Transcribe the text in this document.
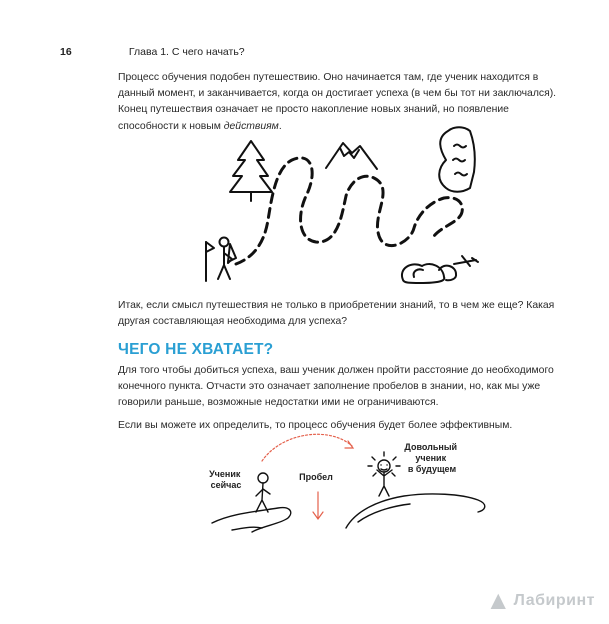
16	Глава 1. С чего начать?
Процесс обучения подобен путешествию. Оно начинается там, где ученик находится в данный момент, и заканчивается, когда он достигает успеха (в чем бы тот ни заключался). Конец путешествия означает не просто накопление новых знаний, но появление способности к новым действиям.
Итак, если смысл путешествия не только в приобретении знаний, то в чем же еще? Какая другая составляющая необходима для успеха?
ЧЕГО НЕ ХВАТАЕТ?
Для того чтобы добиться успеха, ваш ученик должен пройти расстояние до необходимого конечного пункта. Отчасти это означает заполнение пробелов в знании, но, как мы уже говорили раньше, возможные недостатки ими не ограничиваются.
Если вы можете их определить, то процесс обучения будет более эффективным.
Ученик сейчас
Пробел
Довольный ученик в будущем
▲ Лабиринт
